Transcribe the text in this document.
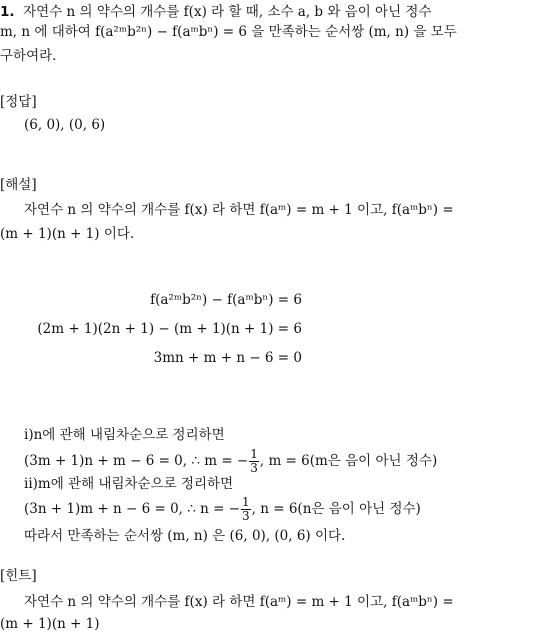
1. 자연수 n 의 약수의 개수를 f(x) 라 할 때, 소수 a, b 와 음이 아닌 정수
m, n 에 대하여 f(a²ᵐb²ⁿ) − f(aᵐbⁿ) = 6 을 만족하는 순서쌍 (m, n) 을 모두
구하여라.
[정답]
(6, 0), (0, 6)
[해설]
자연수 n 의 약수의 개수를 f(x) 라 하면 f(aᵐ) = m + 1 이고, f(aᵐbⁿ) =
(m + 1)(n + 1) 이다.
f(a²ᵐb²ⁿ) − f(aᵐbⁿ) = 6
(2m + 1)(2n + 1) − (m + 1)(n + 1) = 6
3mn + m + n − 6 = 0
i)n에 관해 내림차순으로 정리하면
(3m + 1)n + m − 6 = 0, ∴ m = − $\frac{1}{3}$ , m = 6(m은 음이 아닌 정수)
ii)m에 관해 내림차순으로 정리하면
(3n + 1)m + n − 6 = 0, ∴ n = − $\frac{1}{3}$ , n = 6(n은 음이 아닌 정수)
따라서 만족하는 순서쌍 (m, n) 은 (6, 0), (0, 6) 이다.
[힌트]
자연수 n 의 약수의 개수를 f(x) 라 하면 f(aᵐ) = m + 1 이고, f(aᵐbⁿ) =
(m + 1)(n + 1)
